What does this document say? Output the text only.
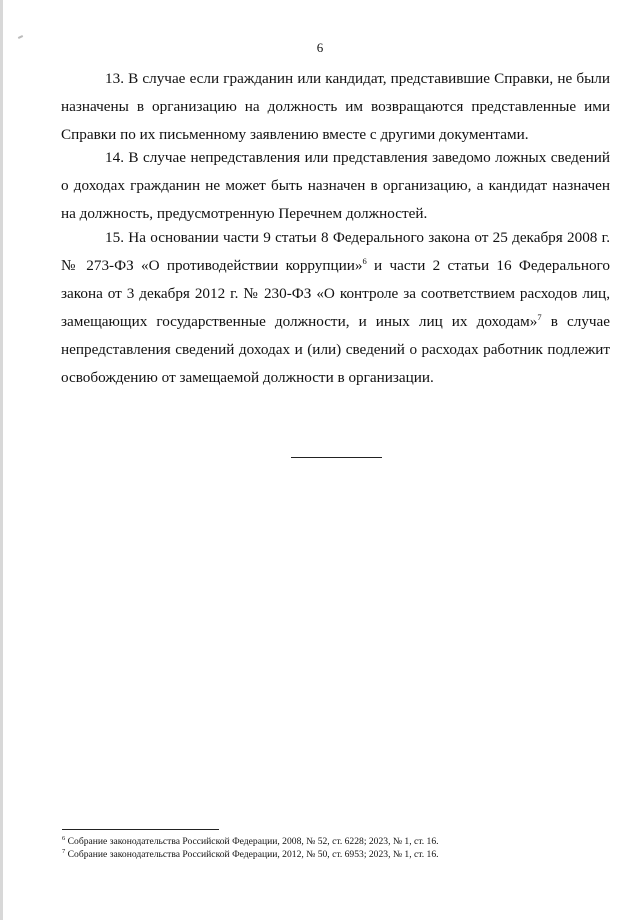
6

13. В случае если гражданин или кандидат, представившие Справки, не были назначены в организацию на должность им возвращаются представленные ими Справки по их письменному заявлению вместе с другими документами.

14. В случае непредставления или представления заведомо ложных сведений о доходах гражданин не может быть назначен в организацию, а кандидат назначен на должность, предусмотренную Перечнем должностей.

15. На основании части 9 статьи 8 Федерального закона от 25 декабря 2008 г. № 273-ФЗ «О противодействии коррупции»$^6$ и части 2 статьи 16 Федерального закона от 3 декабря 2012 г. № 230-ФЗ «О контроле за соответствием расходов лиц, замещающих государственные должности, и иных лиц их доходам»$^7$ в случае непредставления сведений доходах и (или) сведений о расходах работник подлежит освобождению от замещаемой должности в организации.

$^6$ Собрание законодательства Российской Федерации, 2008, № 52, ст. 6228; 2023, № 1, ст. 16.
$^7$ Собрание законодательства Российской Федерации, 2012, № 50, ст. 6953; 2023, № 1, ст. 16.
